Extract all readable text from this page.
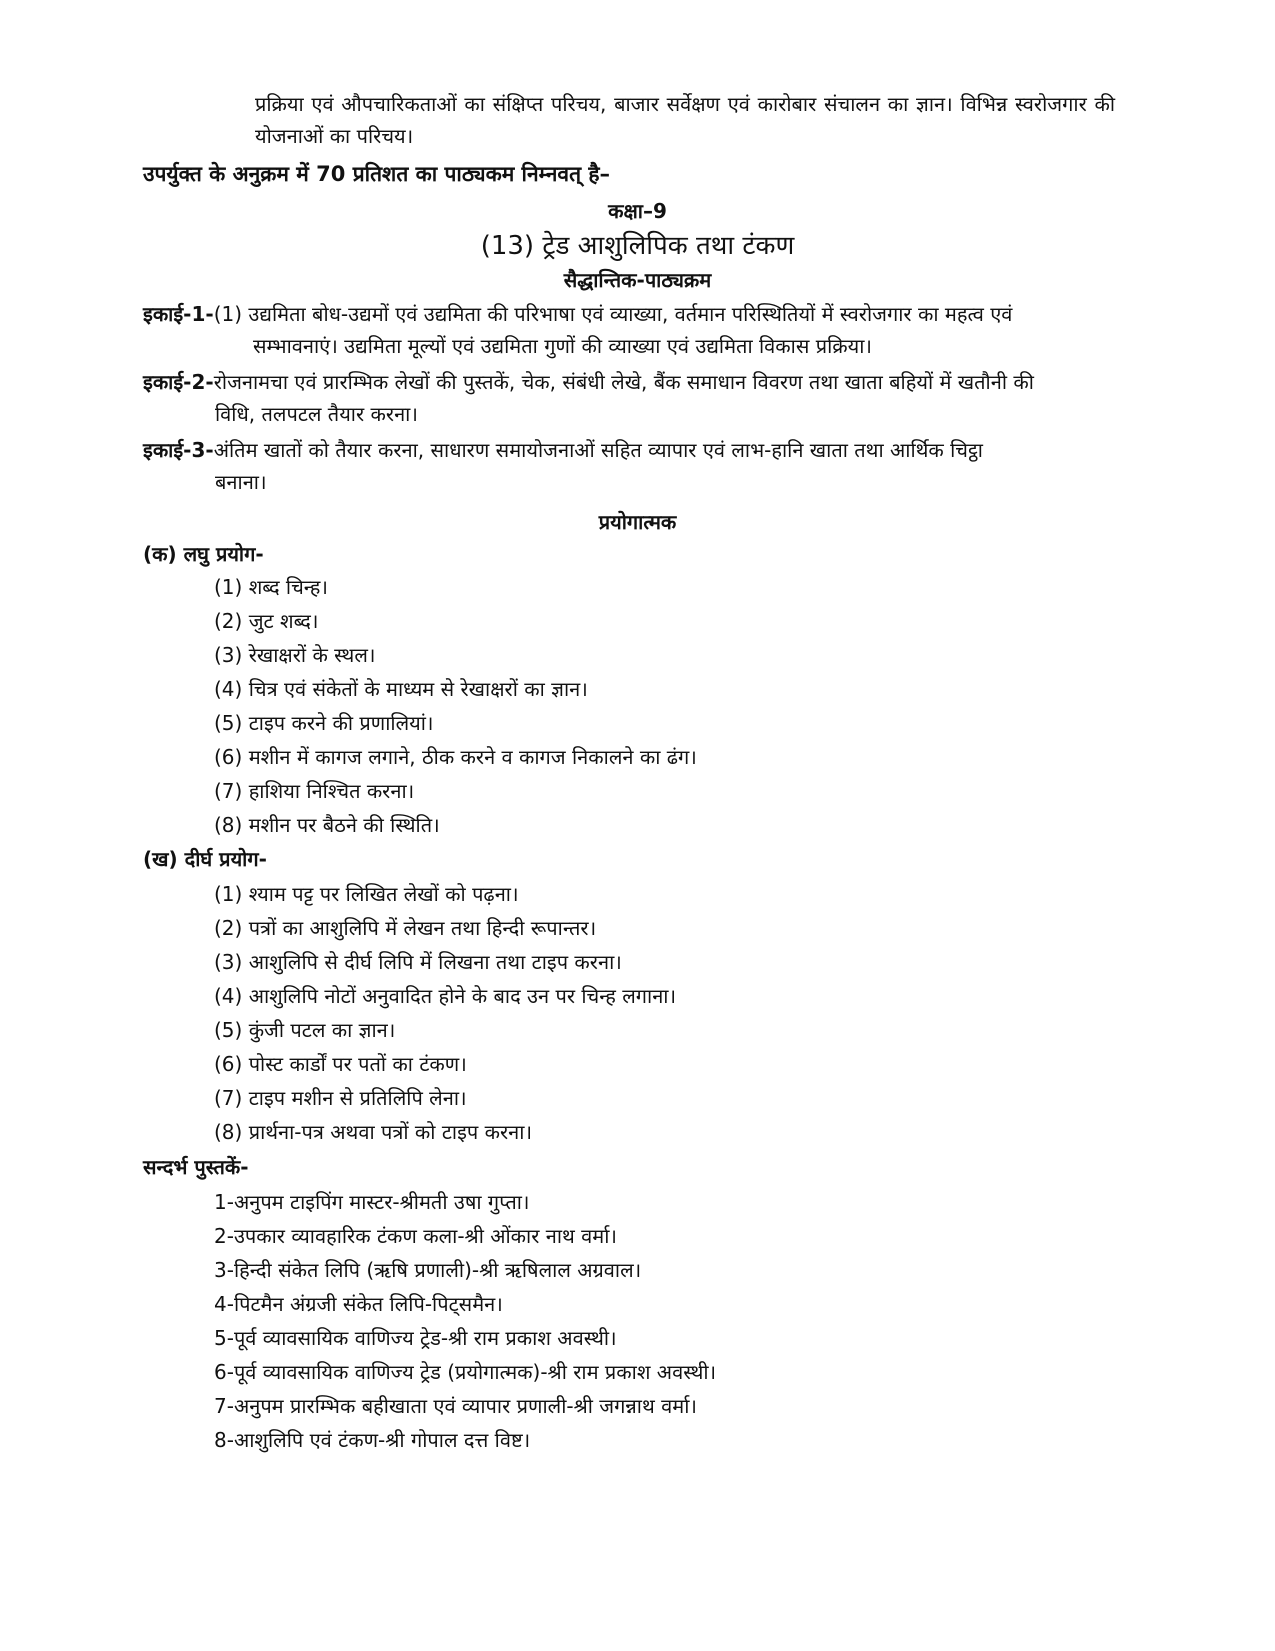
प्रक्रिया एवं औपचारिकताओं का संक्षिप्त परिचय, बाजार सर्वेक्षण एवं कारोबार संचालन का ज्ञान। विभिन्न स्वरोजगार की योजनाओं का परिचय।
उपर्युक्त के अनुक्रम में 70 प्रतिशत का पाठ्यकम निम्नवत् है–
कक्षा–9
(13) ट्रेड आशुलिपिक तथा टंकण
सैद्धान्तिक-पाठ्यक्रम
इकाई-1-(1) उद्यमिता बोध-उद्यमों एवं उद्यमिता की परिभाषा एवं व्याख्या, वर्तमान परिस्थितियों में स्वरोजगार का महत्व एवं
सम्भावनाएं। उद्यमिता मूल्यों एवं उद्यमिता गुणों की व्याख्या एवं उद्यमिता विकास प्रक्रिया।
इकाई-2-रोजनामचा एवं प्रारम्भिक लेखों की पुस्तकें, चेक, संबंधी लेखे, बैंक समाधान विवरण तथा खाता बहियों में खतौनी की
विधि, तलपटल तैयार करना।
इकाई-3-अंतिम खातों को तैयार करना, साधारण समायोजनाओं सहित व्यापार एवं लाभ-हानि खाता तथा आर्थिक चिट्ठा
बनाना।
प्रयोगात्मक
(क) लघु प्रयोग-
(1) शब्द चिन्ह।
(2) जुट शब्द।
(3) रेखाक्षरों के स्थल।
(4) चित्र एवं संकेतों के माध्यम से रेखाक्षरों का ज्ञान।
(5) टाइप करने की प्रणालियां।
(6) मशीन में कागज लगाने, ठीक करने व कागज निकालने का ढंग।
(7) हाशिया निश्चित करना।
(8) मशीन पर बैठने की स्थिति।
(ख) दीर्घ प्रयोग-
(1) श्याम पट्ट पर लिखित लेखों को पढ़ना।
(2) पत्रों का आशुलिपि में लेखन तथा हिन्दी रूपान्तर।
(3) आशुलिपि से दीर्घ लिपि में लिखना तथा टाइप करना।
(4) आशुलिपि नोटों अनुवादित होने के बाद उन पर चिन्ह लगाना।
(5) कुंजी पटल का ज्ञान।
(6) पोस्ट कार्डों पर पतों का टंकण।
(7) टाइप मशीन से प्रतिलिपि लेना।
(8) प्रार्थना-पत्र अथवा पत्रों को टाइप करना।
सन्दर्भ पुस्तकें-
1-अनुपम टाइपिंग मास्टर-श्रीमती उषा गुप्ता।
2-उपकार व्यावहारिक टंकण कला-श्री ओंकार नाथ वर्मा।
3-हिन्दी संकेत लिपि (ऋषि प्रणाली)-श्री ऋषिलाल अग्रवाल।
4-पिटमैन अंग्रजी संकेत लिपि-पिट्समैन।
5-पूर्व व्यावसायिक वाणिज्य ट्रेड-श्री राम प्रकाश अवस्थी।
6-पूर्व व्यावसायिक वाणिज्य ट्रेड (प्रयोगात्मक)-श्री राम प्रकाश अवस्थी।
7-अनुपम प्रारम्भिक बहीखाता एवं व्यापार प्रणाली-श्री जगन्नाथ वर्मा।
8-आशुलिपि एवं टंकण-श्री गोपाल दत्त विष्ट।
